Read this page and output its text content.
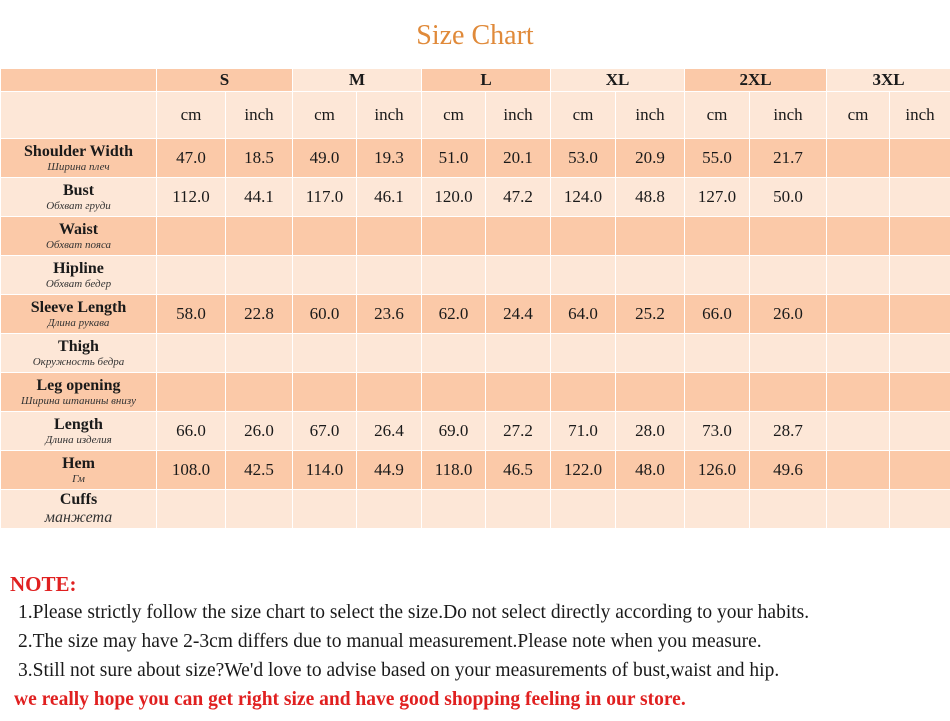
Size Chart
	S		M		L		XL		2XL		3XL	
	cm	inch	cm	inch	cm	inch	cm	inch	cm	inch	cm	inch

Shoulder Width
Ширина плеч	47.0	18.5	49.0	19.3	51.0	20.1	53.0	20.9	55.0	21.7		

Bust
Обхват груди	112.0	44.1	117.0	46.1	120.0	47.2	124.0	48.8	127.0	50.0		

Waist
Обхват пояса												

Hipline
Обхват бедер												

Sleeve Length
Длина рукава	58.0	22.8	60.0	23.6	62.0	24.4	64.0	25.2	66.0	26.0		

Thigh
Окружность бедра												

Leg opening
Ширина штанины внизу												

Length
Длина изделия	66.0	26.0	67.0	26.4	69.0	27.2	71.0	28.0	73.0	28.7		

Hem
Гм	108.0	42.5	114.0	44.9	118.0	46.5	122.0	48.0	126.0	49.6		

Cuffs
манжета												

NOTE:
1.Please strictly follow the size chart to select the size.Do not select directly according to your habits.
2.The size may have 2-3cm differs due to manual measurement.Please note when you measure.
3.Still not sure about size?We'd love to advise based on your measurements of bust,waist and hip.
we really hope you can get right size and have good shopping feeling in our store.
